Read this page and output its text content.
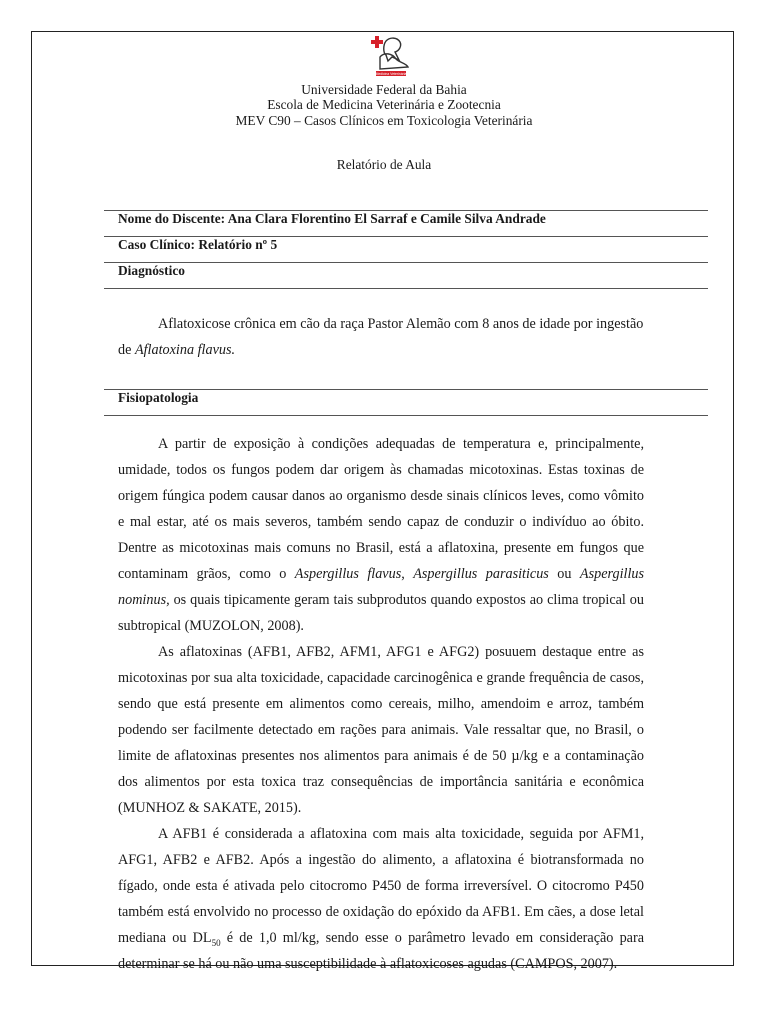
Medicina Veterinária
Universidade Federal da Bahia
Escola de Medicina Veterinária e Zootecnia
MEV C90 – Casos Clínicos em Toxicologia Veterinária
Relatório de Aula
Nome do Discente: Ana Clara Florentino El Sarraf e Camile Silva Andrade
Caso Clínico: Relatório nº 5
Diagnóstico
Aflatoxicose crônica em cão da raça Pastor Alemão com 8 anos de idade por ingestão de Aflatoxina flavus.
Fisiopatologia
A partir de exposição à condições adequadas de temperatura e, principalmente, umidade, todos os fungos podem dar origem às chamadas micotoxinas. Estas toxinas de origem fúngica podem causar danos ao organismo desde sinais clínicos leves, como vômito e mal estar, até os mais severos, também sendo capaz de conduzir o indivíduo ao óbito. Dentre as micotoxinas mais comuns no Brasil, está a aflatoxina, presente em fungos que contaminam grãos, como o Aspergillus flavus, Aspergillus parasiticus ou Aspergillus nominus, os quais tipicamente geram tais subprodutos quando expostos ao clima tropical ou subtropical (MUZOLON, 2008).
As aflatoxinas (AFB1, AFB2, AFM1, AFG1 e AFG2) posuuem destaque entre as micotoxinas por sua alta toxicidade, capacidade carcinogênica e grande frequência de casos, sendo que está presente em alimentos como cereais, milho, amendoim e arroz, também podendo ser facilmente detectado em rações para animais. Vale ressaltar que, no Brasil, o limite de aflatoxinas presentes nos alimentos para animais é de 50 µ/kg e a contaminação dos alimentos por esta toxica traz consequências de importância sanitária e econômica (MUNHOZ & SAKATE, 2015).
A AFB1 é considerada a aflatoxina com mais alta toxicidade, seguida por AFM1, AFG1, AFB2 e AFB2. Após a ingestão do alimento, a aflatoxina é biotransformada no fígado, onde esta é ativada pelo citocromo P450 de forma irreversível. O citocromo P450 também está envolvido no processo de oxidação do epóxido da AFB1. Em cães, a dose letal mediana ou $DL_{50}$ é de 1,0 ml/kg, sendo esse o parâmetro levado em consideração para determinar se há ou não uma susceptibilidade à aflatoxicoses agudas (CAMPOS, 2007).
